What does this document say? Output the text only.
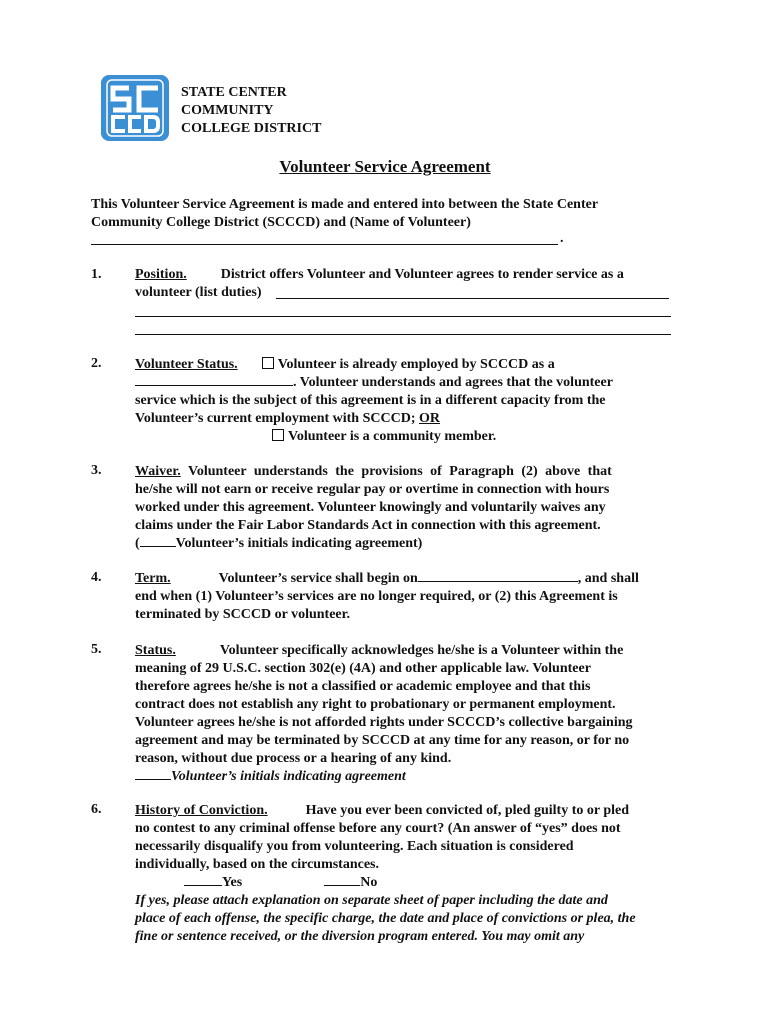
STATE CENTER
COMMUNITY
COLLEGE DISTRICT
Volunteer Service Agreement
This Volunteer Service Agreement is made and entered into between the State Center
Community College District (SCCCD) and (Name of Volunteer)
.
1. Position. District offers Volunteer and Volunteer agrees to render service as a
volunteer (list duties)
2. Volunteer Status.	Volunteer is already employed by SCCCD as a
. Volunteer understands and agrees that the volunteer
service which is the subject of this agreement is in a different capacity from the
Volunteer’s current employment with SCCCD; OR
Volunteer is a community member.
3. Waiver. Volunteer understands the provisions of Paragraph (2) above that
he/she will not earn or receive regular pay or overtime in connection with hours
worked under this agreement. Volunteer knowingly and voluntarily waives any
claims under the Fair Labor Standards Act in connection with this agreement.
(	Volunteer’s initials indicating agreement)
4. Term.	Volunteer’s service shall begin on	, and shall
end when (1) Volunteer’s services are no longer required, or (2) this Agreement is
terminated by SCCCD or volunteer.
5. Status.	Volunteer specifically acknowledges he/she is a Volunteer within the
meaning of 29 U.S.C. section 302(e) (4A) and other applicable law. Volunteer
therefore agrees he/she is not a classified or academic employee and that this
contract does not establish any right to probationary or permanent employment.
Volunteer agrees he/she is not afforded rights under SCCCD’s collective bargaining
agreement and may be terminated by SCCCD at any time for any reason, or for no
reason, without due process or a hearing of any kind.
Volunteer’s initials indicating agreement
6. History of Conviction.	Have you ever been convicted of, pled guilty to or pled
no contest to any criminal offense before any court? (An answer of “yes” does not
necessarily disqualify you from volunteering. Each situation is considered
individually, based on the circumstances.
Yes	No
If yes, please attach explanation on separate sheet of paper including the date and
place of each offense, the specific charge, the date and place of convictions or plea, the
fine or sentence received, or the diversion program entered. You may omit any
